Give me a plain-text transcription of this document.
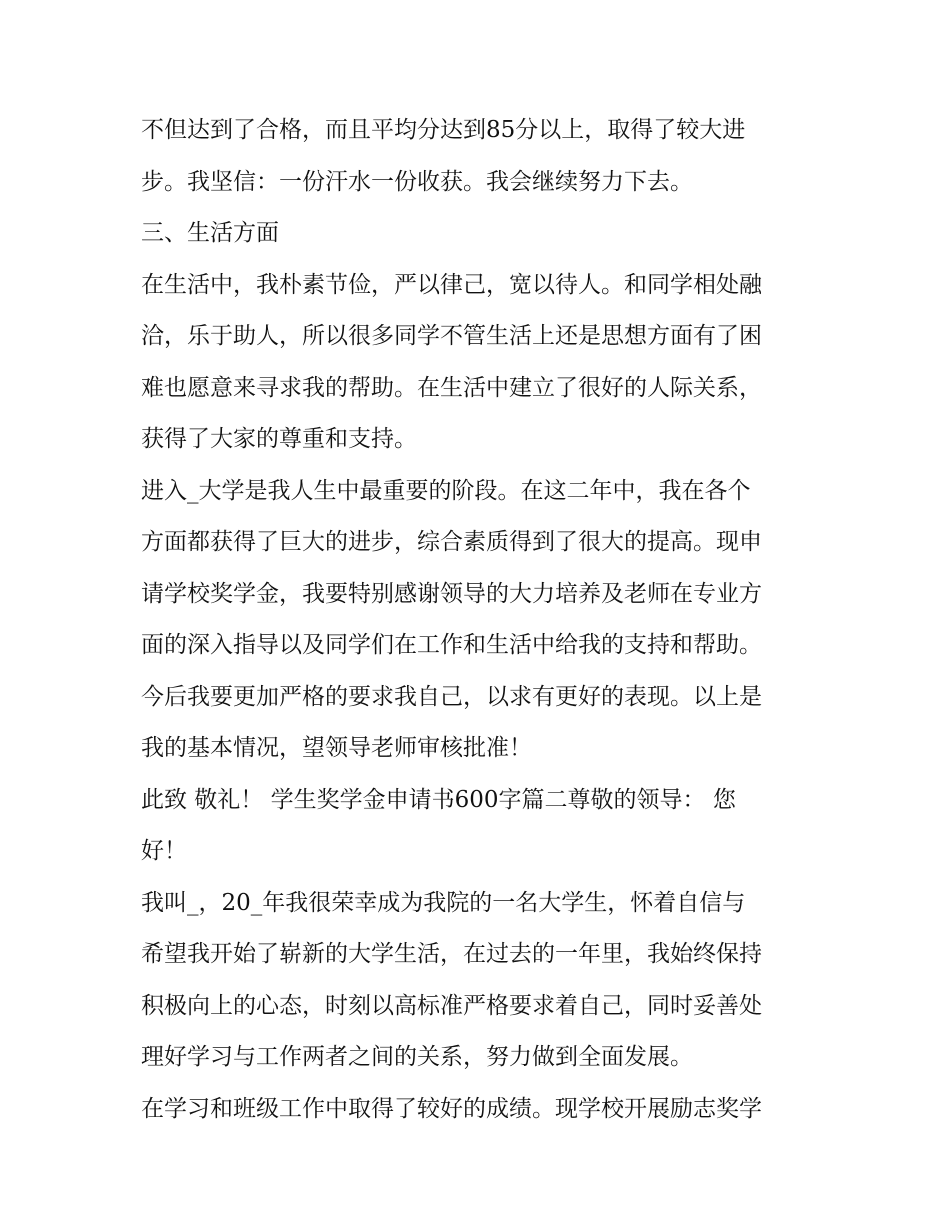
不但达到了合格，而且平均分达到85分以上，取得了较大进
步。我坚信：一份汗水一份收获。我会继续努力下去。
三、生活方面
在生活中，我朴素节俭，严以律己，宽以待人。和同学相处融
洽，乐于助人，所以很多同学不管生活上还是思想方面有了困
难也愿意来寻求我的帮助。在生活中建立了很好的人际关系，
获得了大家的尊重和支持。
进入_大学是我人生中最重要的阶段。在这二年中，我在各个
方面都获得了巨大的进步，综合素质得到了很大的提高。现申
请学校奖学金，我要特别感谢领导的大力培养及老师在专业方
面的深入指导以及同学们在工作和生活中给我的支持和帮助。
今后我要更加严格的要求我自己，以求有更好的表现。以上是
我的基本情况，望领导老师审核批准！
此致 敬礼！ 学生奖学金申请书600字篇二尊敬的领导： 您
好！
我叫_，20_年我很荣幸成为我院的一名大学生，怀着自信与
希望我开始了崭新的大学生活，在过去的一年里，我始终保持
积极向上的心态，时刻以高标准严格要求着自己，同时妥善处
理好学习与工作两者之间的关系，努力做到全面发展。
在学习和班级工作中取得了较好的成绩。现学校开展励志奖学
